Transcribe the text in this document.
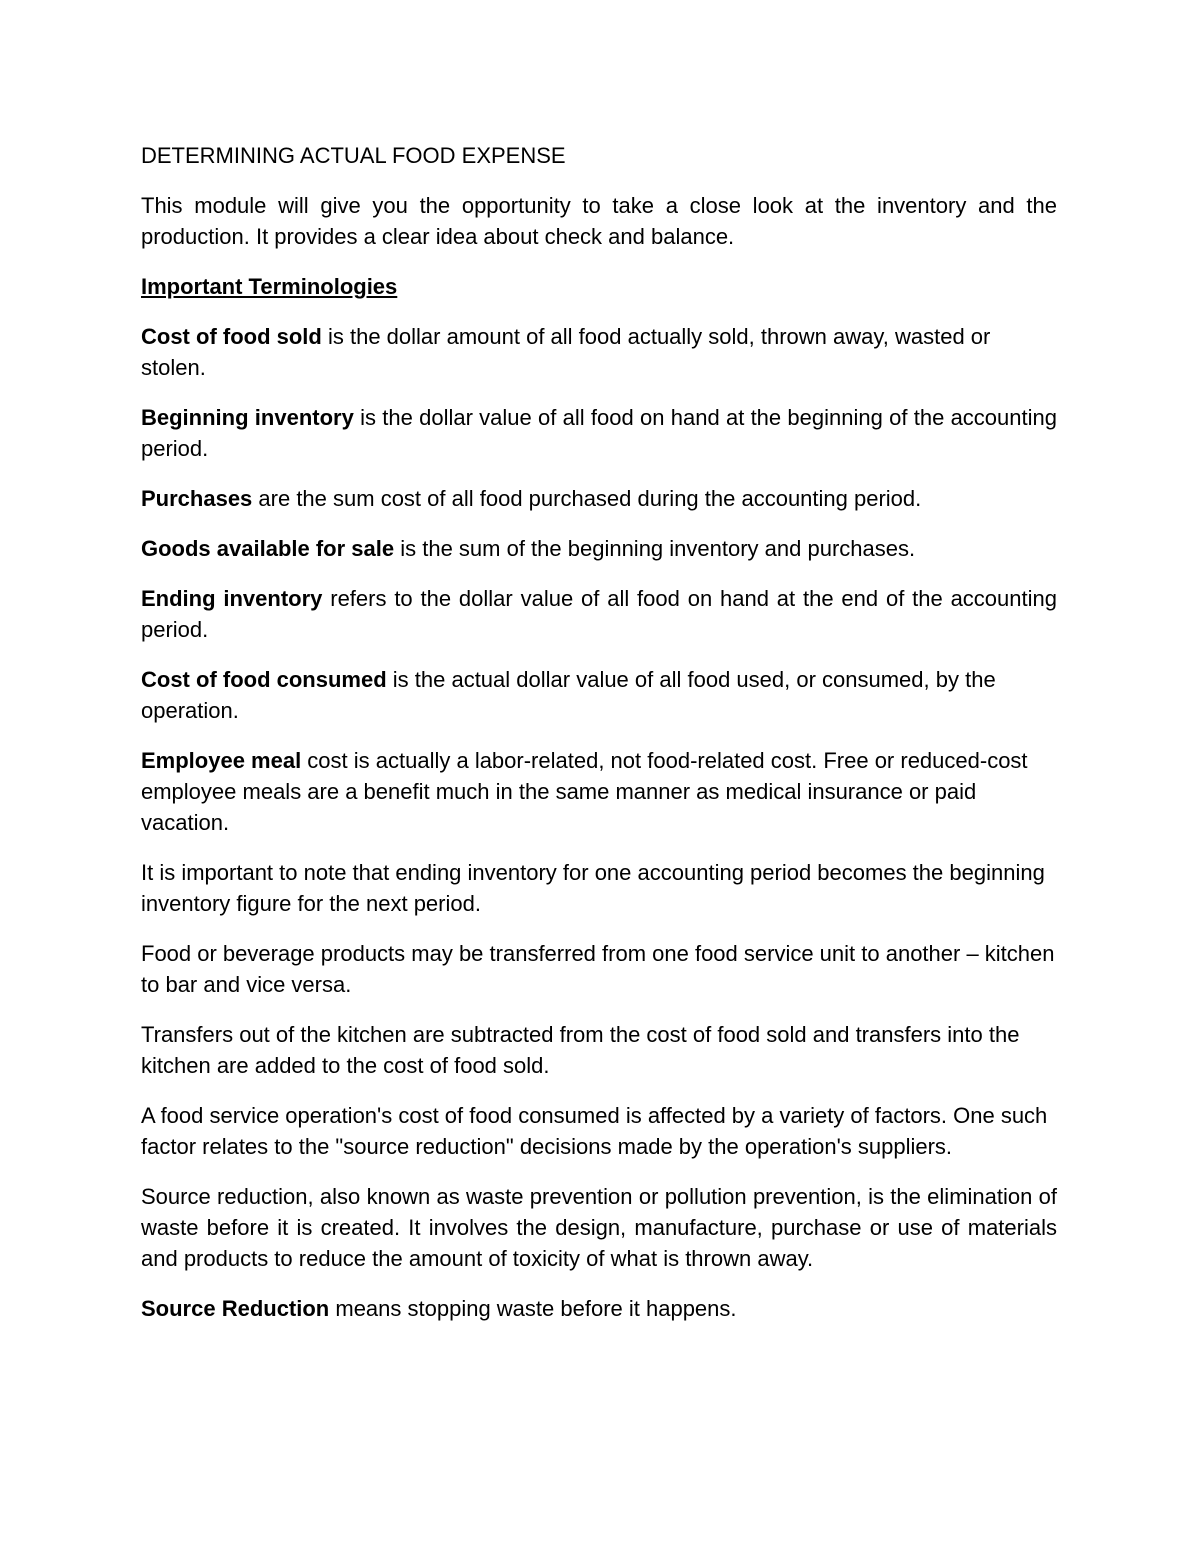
DETERMINING ACTUAL FOOD EXPENSE

This module will give you the opportunity to take a close look at the inventory and the production. It provides a clear idea about check and balance.

Important Terminologies

Cost of food sold is the dollar amount of all food actually sold, thrown away, wasted or stolen.

Beginning inventory is the dollar value of all food on hand at the beginning of the accounting period.

Purchases are the sum cost of all food purchased during the accounting period.

Goods available for sale is the sum of the beginning inventory and purchases.

Ending inventory refers to the dollar value of all food on hand at the end of the accounting period.

Cost of food consumed is the actual dollar value of all food used, or consumed, by the operation.

Employee meal cost is actually a labor-related, not food-related cost. Free or reduced-cost employee meals are a benefit much in the same manner as medical insurance or paid vacation.

It is important to note that ending inventory for one accounting period becomes the beginning inventory figure for the next period.

Food or beverage products may be transferred from one food service unit to another – kitchen to bar and vice versa.

Transfers out of the kitchen are subtracted from the cost of food sold and transfers into the kitchen are added to the cost of food sold.

A food service operation's cost of food consumed is affected by a variety of factors. One such factor relates to the "source reduction" decisions made by the operation's suppliers.

Source reduction, also known as waste prevention or pollution prevention, is the elimination of waste before it is created. It involves the design, manufacture, purchase or use of materials and products to reduce the amount of toxicity of what is thrown away.

Source Reduction means stopping waste before it happens.
